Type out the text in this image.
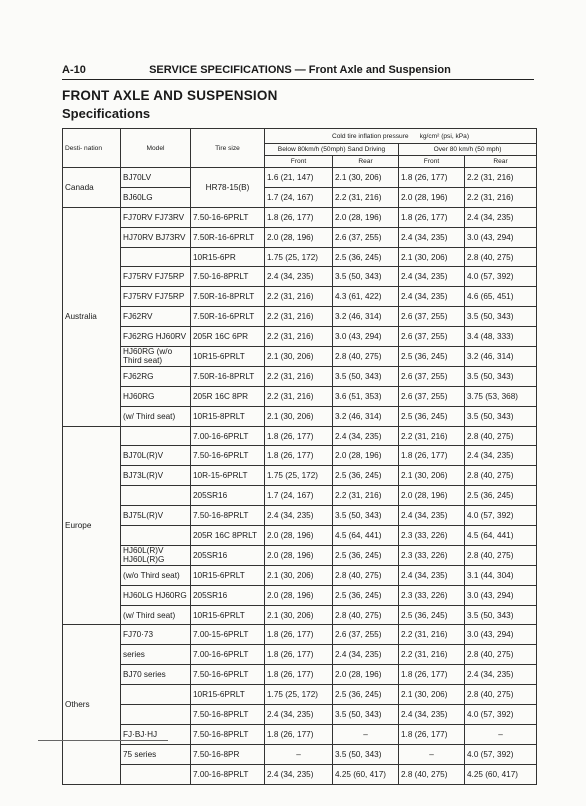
A-10	SERVICE SPECIFICATIONS — Front Axle and Suspension
FRONT AXLE AND SUSPENSION
Specifications
Desti- nation	Model	Tire size	Cold tire inflation pressure kg/cm² (psi, kPa)			
			Below 80km/h (50mph) Sand Driving		Over 80 km/h (50 mph)	
			Front	Rear	Front	Rear
Canada	BJ70LV	HR78-15(B)	1.6 (21, 147)	2.1 (30, 206)	1.8 (26, 177)	2.2 (31, 216)
	BJ60LG		1.7 (24, 167)	2.2 (31, 216)	2.0 (28, 196)	2.2 (31, 216)
Australia	FJ70RV FJ73RV	7.50-16-6PRLT	1.8 (26, 177)	2.0 (28, 196)	1.8 (26, 177)	2.4 (34, 235)
	HJ70RV BJ73RV	7.50R-16-6PRLT	2.0 (28, 196)	2.6 (37, 255)	2.4 (34, 235)	3.0 (43, 294)
		10R15-6PR	1.75 (25, 172)	2.5 (36, 245)	2.1 (30, 206)	2.8 (40, 275)
	FJ75RV FJ75RP	7.50-16-8PRLT	2.4 (34, 235)	3.5 (50, 343)	2.4 (34, 235)	4.0 (57, 392)
	FJ75RV FJ75RP	7.50R-16-8PRLT	2.2 (31, 216)	4.3 (61, 422)	2.4 (34, 235)	4.6 (65, 451)
	FJ62RV	7.50R-16-6PRLT	2.2 (31, 216)	3.2 (46, 314)	2.6 (37, 255)	3.5 (50, 343)
	FJ62RG HJ60RV	205R 16C 6PR	2.2 (31, 216)	3.0 (43, 294)	2.6 (37, 255)	3.4 (48, 333)
	HJ60RG (w/o Third seat)	10R15-6PRLT	2.1 (30, 206)	2.8 (40, 275)	2.5 (36, 245)	3.2 (46, 314)
	FJ62RG	7.50R-16-8PRLT	2.2 (31, 216)	3.5 (50, 343)	2.6 (37, 255)	3.5 (50, 343)
	HJ60RG	205R 16C 8PR	2.2 (31, 216)	3.6 (51, 353)	2.6 (37, 255)	3.75 (53, 368)
	(w/ Third seat)	10R15-8PRLT	2.1 (30, 206)	3.2 (46, 314)	2.5 (36, 245)	3.5 (50, 343)
Europe		7.00-16-6PRLT	1.8 (26, 177)	2.4 (34, 235)	2.2 (31, 216)	2.8 (40, 275)
	BJ70L(R)V	7.50-16-6PRLT	1.8 (26, 177)	2.0 (28, 196)	1.8 (26, 177)	2.4 (34, 235)
	BJ73L(R)V	10R-15-6PRLT	1.75 (25, 172)	2.5 (36, 245)	2.1 (30, 206)	2.8 (40, 275)
		205SR16	1.7 (24, 167)	2.2 (31, 216)	2.0 (28, 196)	2.5 (36, 245)
	BJ75L(R)V	7.50-16-8PRLT	2.4 (34, 235)	3.5 (50, 343)	2.4 (34, 235)	4.0 (57, 392)
		205R 16C 8PRLT	2.0 (28, 196)	4.5 (64, 441)	2.3 (33, 226)	4.5 (64, 441)
	HJ60L(R)V HJ60L(R)G	205SR16	2.0 (28, 196)	2.5 (36, 245)	2.3 (33, 226)	2.8 (40, 275)
	(w/o Third seat)	10R15-6PRLT	2.1 (30, 206)	2.8 (40, 275)	2.4 (34, 235)	3.1 (44, 304)
	HJ60LG HJ60RG	205SR16	2.0 (28, 196)	2.5 (36, 245)	2.3 (33, 226)	3.0 (43, 294)
	(w/ Third seat)	10R15-6PRLT	2.1 (30, 206)	2.8 (40, 275)	2.5 (36, 245)	3.5 (50, 343)
Others	FJ70·73	7.00-15-6PRLT	1.8 (26, 177)	2.6 (37, 255)	2.2 (31, 216)	3.0 (43, 294)
	series	7.00-16-6PRLT	1.8 (26, 177)	2.4 (34, 235)	2.2 (31, 216)	2.8 (40, 275)
	BJ70 series	7.50-16-6PRLT	1.8 (26, 177)	2.0 (28, 196)	1.8 (26, 177)	2.4 (34, 235)
		10R15-6PRLT	1.75 (25, 172)	2.5 (36, 245)	2.1 (30, 206)	2.8 (40, 275)
		7.50-16-8PRLT	2.4 (34, 235)	3.5 (50, 343)	2.4 (34, 235)	4.0 (57, 392)
	FJ·BJ·HJ	7.50-16-8PRLT	1.8 (26, 177)	–	1.8 (26, 177)	–
	75 series	7.50-16-8PR	–	3.5 (50, 343)	–	4.0 (57, 392)
		7.00-16-8PRLT	2.4 (34, 235)	4.25 (60, 417)	2.8 (40, 275)	4.25 (60, 417)
